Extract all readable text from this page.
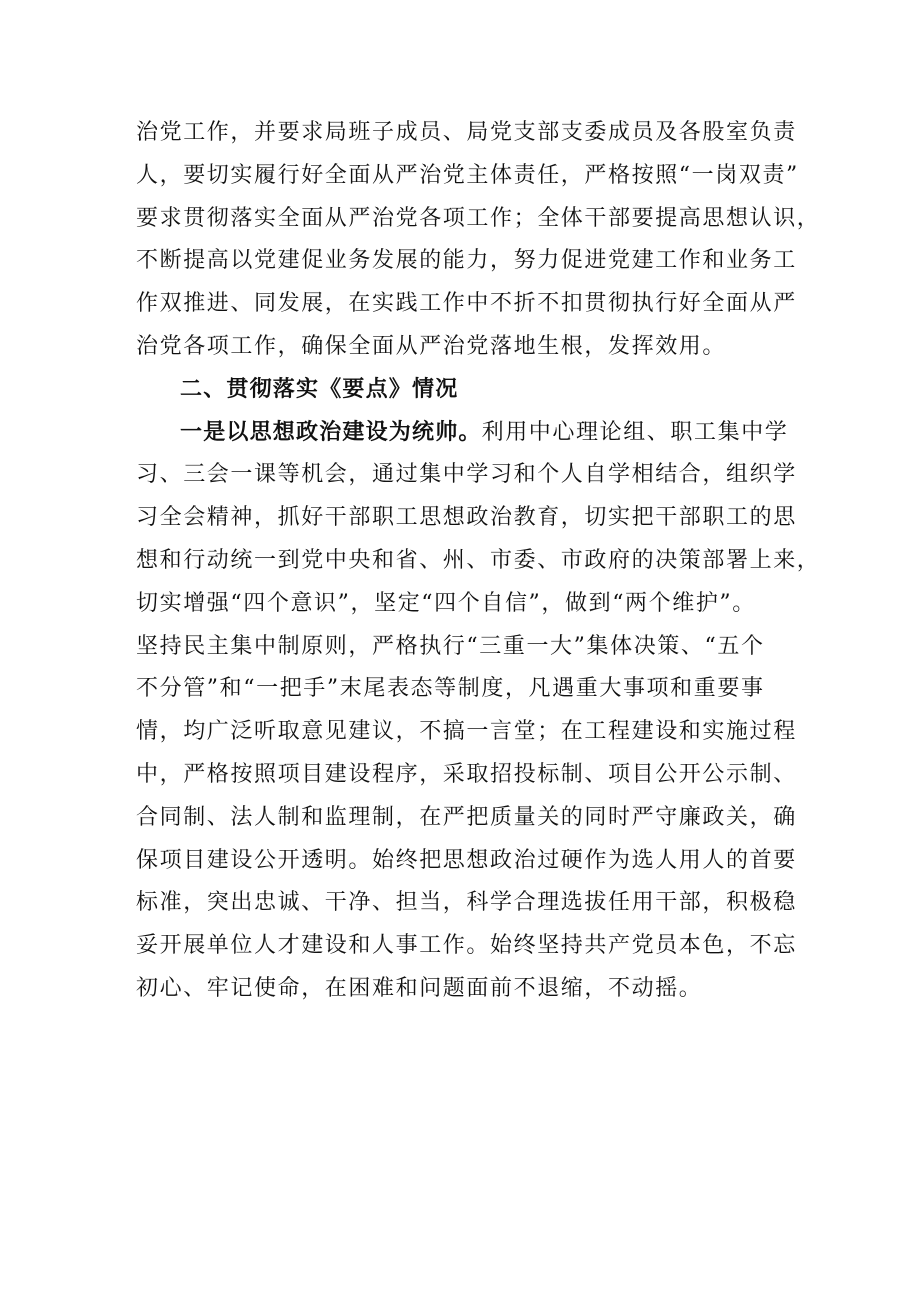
治党工作，并要求局班子成员、局党支部支委成员及各股室负责
人，要切实履行好全面从严治党主体责任，严格按照“一岗双责”
要求贯彻落实全面从严治党各项工作；全体干部要提高思想认识，
不断提高以党建促业务发展的能力，努力促进党建工作和业务工
作双推进、同发展，在实践工作中不折不扣贯彻执行好全面从严
治党各项工作，确保全面从严治党落地生根，发挥效用。
二、贯彻落实《要点》情况
一是以思想政治建设为统帅。利用中心理论组、职工集中学
习、三会一课等机会，通过集中学习和个人自学相结合，组织学
习全会精神，抓好干部职工思想政治教育，切实把干部职工的思
想和行动统一到党中央和省、州、市委、市政府的决策部署上来，
切实增强“四个意识”，坚定“四个自信”，做到“两个维护”。
坚持民主集中制原则，严格执行“三重一大”集体决策、“五个
不分管”和“一把手”末尾表态等制度，凡遇重大事项和重要事
情，均广泛听取意见建议，不搞一言堂；在工程建设和实施过程
中，严格按照项目建设程序，采取招投标制、项目公开公示制、
合同制、法人制和监理制，在严把质量关的同时严守廉政关，确
保项目建设公开透明。始终把思想政治过硬作为选人用人的首要
标准，突出忠诚、干净、担当，科学合理选拔任用干部，积极稳
妥开展单位人才建设和人事工作。始终坚持共产党员本色，不忘
初心、牢记使命，在困难和问题面前不退缩，不动摇。
